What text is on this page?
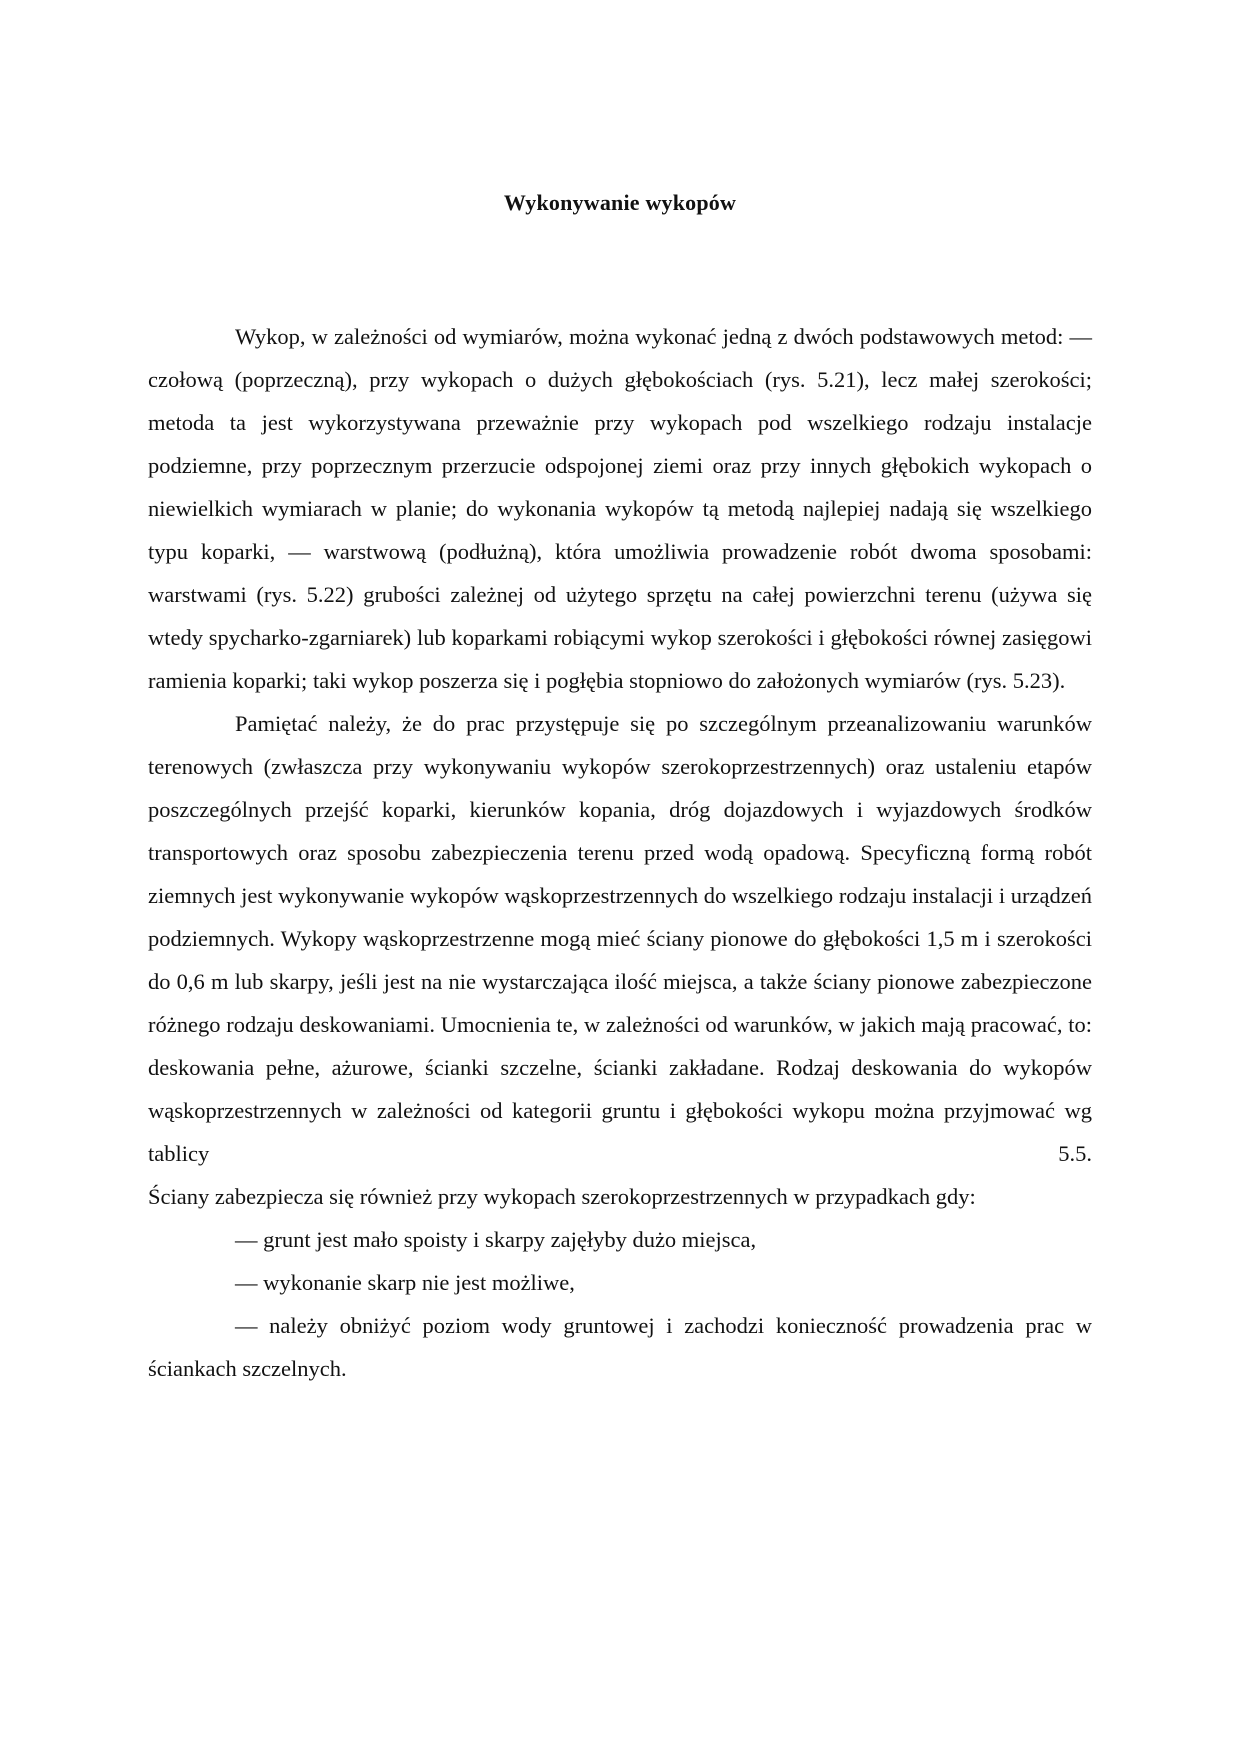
Wykonywanie wykopów

Wykop, w zależności od wymiarów, można wykonać jedną z dwóch podstawowych metod: — czołową (poprzeczną), przy wykopach o dużych głębokościach (rys. 5.21), lecz małej szerokości; metoda ta jest wykorzystywana przeważnie przy wykopach pod wszelkiego rodzaju instalacje podziemne, przy poprzecznym przerzucie odspojonej ziemi oraz przy innych głębokich wykopach o niewielkich wymiarach w planie; do wykonania wykopów tą metodą najlepiej nadają się wszelkiego typu koparki, — warstwową (podłużną), która umożliwia prowadzenie robót dwoma sposobami: warstwami (rys. 5.22) grubości zależnej od użytego sprzętu na całej powierzchni terenu (używa się wtedy spycharko-zgarniarek) lub koparkami robiącymi wykop szerokości i głębokości równej zasięgowi ramienia koparki; taki wykop poszerza się i pogłębia stopniowo do założonych wymiarów (rys. 5.23).

Pamiętać należy, że do prac przystępuje się po szczególnym przeanalizowaniu warunków terenowych (zwłaszcza przy wykonywaniu wykopów szerokoprzestrzennych) oraz ustaleniu etapów poszczególnych przejść koparki, kierunków kopania, dróg dojazdowych i wyjazdowych środków transportowych oraz sposobu zabezpieczenia terenu przed wodą opadową. Specyficzną formą robót ziemnych jest wykonywanie wykopów wąskoprzestrzennych do wszelkiego rodzaju instalacji i urządzeń podziemnych. Wykopy wąskoprzestrzenne mogą mieć ściany pionowe do głębokości 1,5 m i szerokości do 0,6 m lub skarpy, jeśli jest na nie wystarczająca ilość miejsca, a także ściany pionowe zabezpieczone różnego rodzaju deskowaniami. Umocnienia te, w zależności od warunków, w jakich mają pracować, to: deskowania pełne, ażurowe, ścianki szczelne, ścianki zakładane. Rodzaj deskowania do wykopów wąskoprzestrzennych w zależności od kategorii gruntu i głębokości wykopu można przyjmować wg tablicy 5.5.

Ściany zabezpiecza się również przy wykopach szerokoprzestrzennych w przypadkach gdy:

— grunt jest mało spoisty i skarpy zajęłyby dużo miejsca,

— wykonanie skarp nie jest możliwe,

— należy obniżyć poziom wody gruntowej i zachodzi konieczność prowadzenia prac w ściankach szczelnych.
